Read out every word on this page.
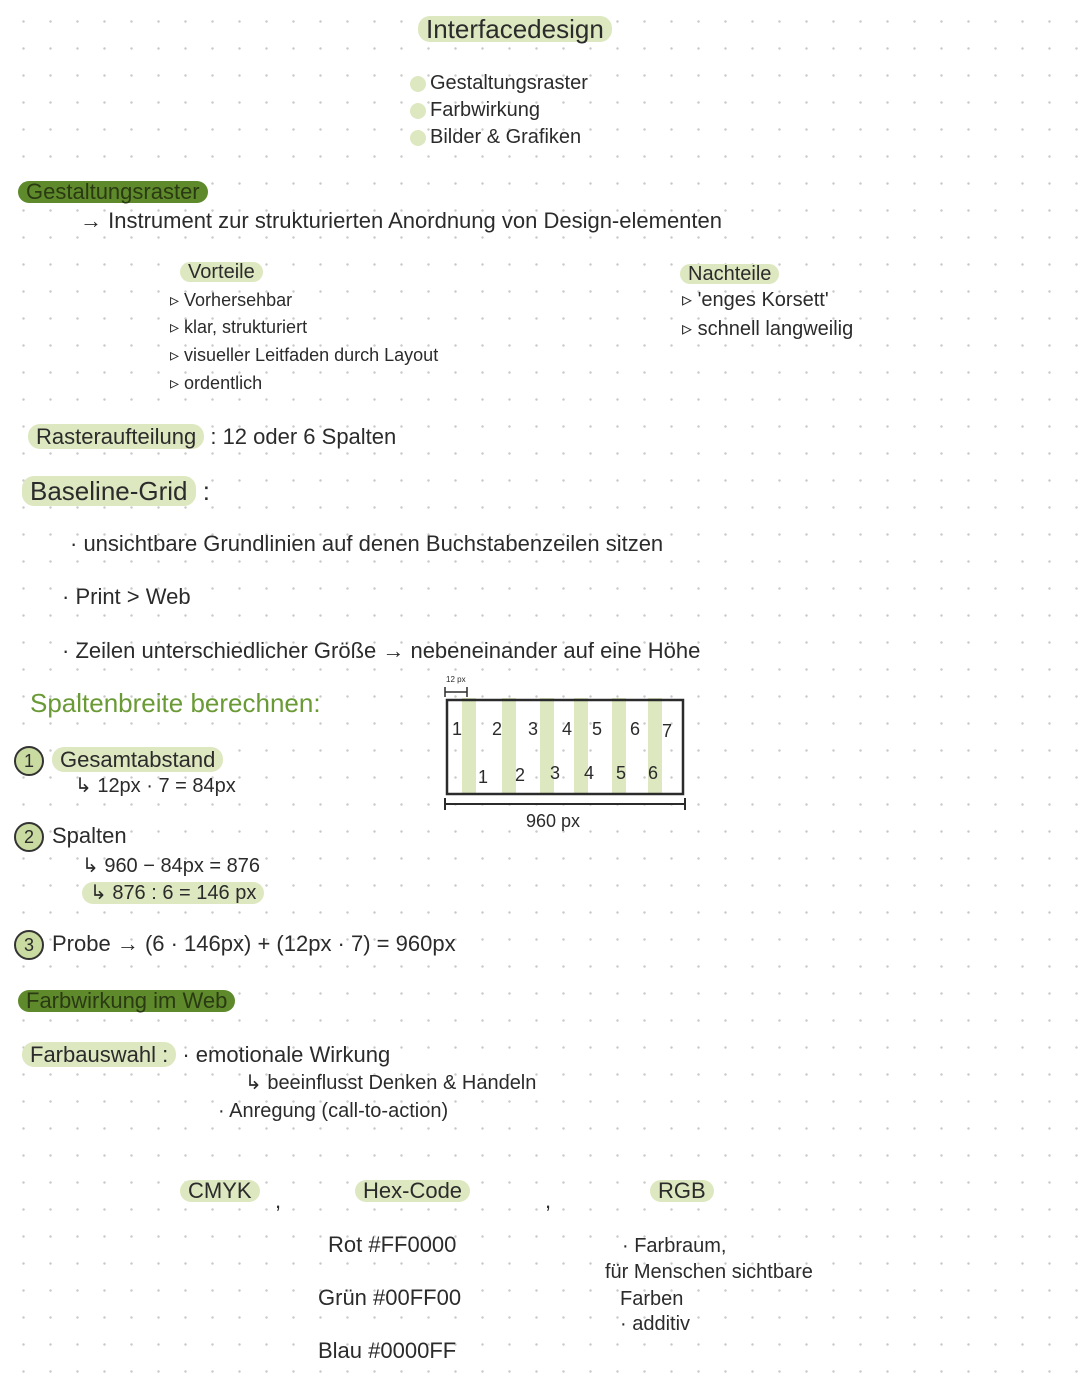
Interfacedesign
Gestaltungsraster
Farbwirkung
Bilder & Grafiken
Gestaltungsraster
→ Instrument zur strukturierten Anordnung von Design-elementen
Vorteile
▹ Vorhersehbar
▹ klar, strukturiert
▹ visueller Leitfaden durch Layout
▹ ordentlich
Nachteile
▹ 'enges Korsett'
▹ schnell langweilig
Rasteraufteilung : 12 oder 6 Spalten
Baseline-Grid :
· unsichtbare Grundlinien auf denen Buchstabenzeilen sitzen
· Print > Web
· Zeilen unterschiedlicher Größe → nebeneinander auf eine Höhe
Spaltenbreite berechnen:
1 Gesamtabstand
↳ 12px · 7 = 84px
2 Spalten
↳ 960 − 84px = 876
↳ 876 : 6 = 146 px
3 Probe → (6 · 146px) + (12px · 7) = 960px
12 px
1 2 3 4 5 6 7
1 2 3 4 5 6
960 px
Farbwirkung im Web
Farbauswahl : · emotionale Wirkung
↳ beeinflusst Denken & Handeln
· Anregung (call-to-action)
CMYK	,	Hex-Code	,	RGB
Rot #FF0000
Grün #00FF00
Blau #0000FF
· Farbraum,
für Menschen sichtbare
Farben
· additiv
